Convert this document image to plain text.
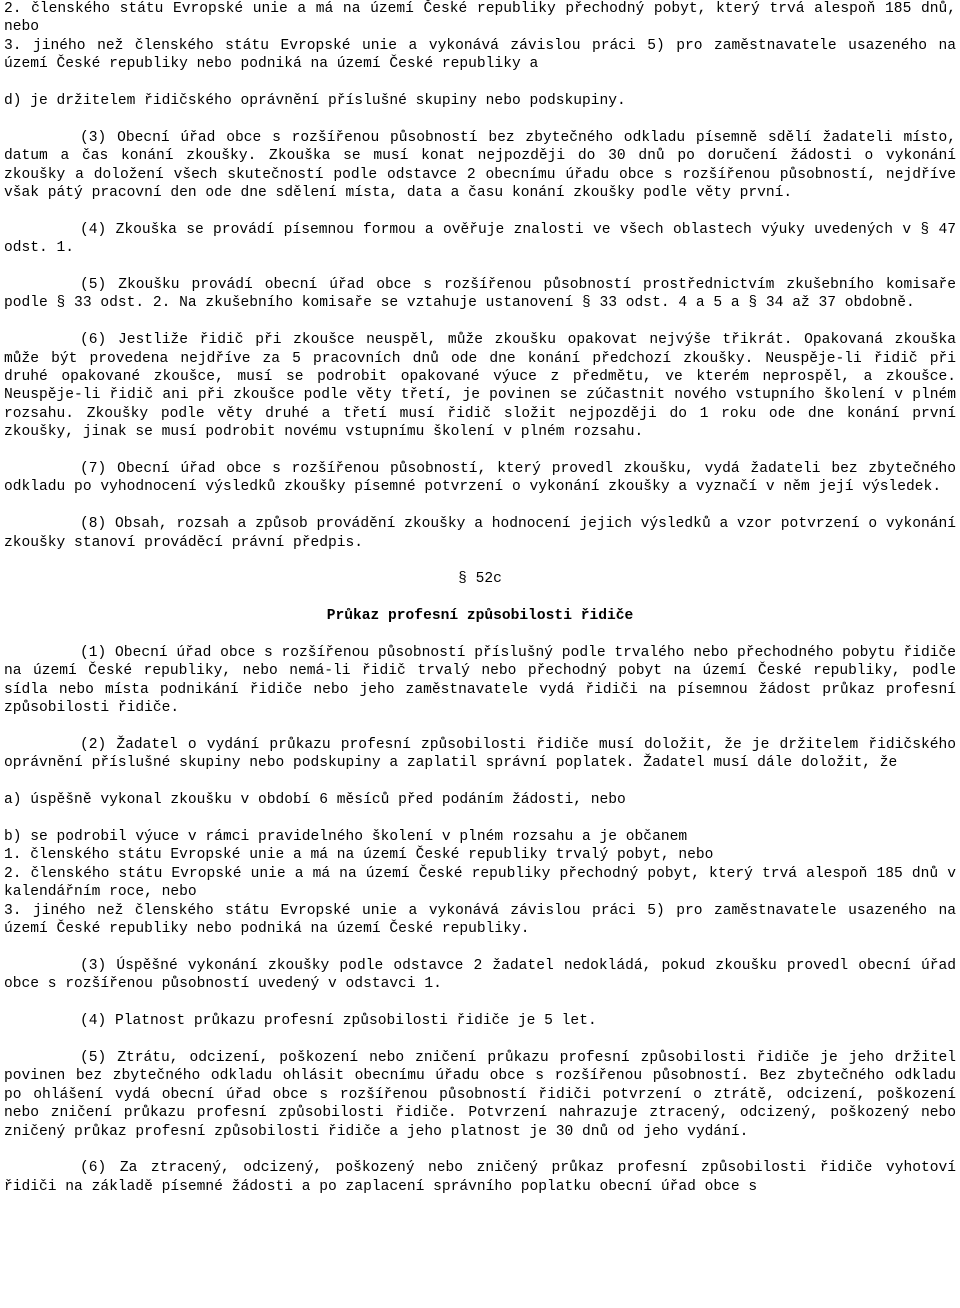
2. členského státu Evropské unie a má na území České republiky přechodný pobyt, který trvá alespoň 185 dnů, nebo
3. jiného než členského státu Evropské unie a vykonává závislou práci 5) pro zaměstnavatele usazeného na území České republiky nebo podniká na území České republiky a
d) je držitelem řidičského oprávnění příslušné skupiny nebo podskupiny.
(3) Obecní úřad obce s rozšířenou působností bez zbytečného odkladu písemně sdělí žadateli místo, datum a čas konání zkoušky. Zkouška se musí konat nejpozději do 30 dnů po doručení žádosti o vykonání zkoušky a doložení všech skutečností podle odstavce 2 obecnímu úřadu obce s rozšířenou působností, nejdříve však pátý pracovní den ode dne sdělení místa, data a času konání zkoušky podle věty první.
(4) Zkouška se provádí písemnou formou a ověřuje znalosti ve všech oblastech výuky uvedených v § 47 odst. 1.
(5) Zkoušku provádí obecní úřad obce s rozšířenou působností prostřednictvím zkušebního komisaře podle § 33 odst. 2. Na zkušebního komisaře se vztahuje ustanovení § 33 odst. 4 a 5 a § 34 až 37 obdobně.
(6) Jestliže řidič při zkoušce neuspěl, může zkoušku opakovat nejvýše třikrát. Opakovaná zkouška může být provedena nejdříve za 5 pracovních dnů ode dne konání předchozí zkoušky. Neuspěje-li řidič při druhé opakované zkoušce, musí se podrobit opakované výuce z předmětu, ve kterém neprospěl, a zkoušce. Neuspěje-li řidič ani při zkoušce podle věty třetí, je povinen se zúčastnit nového vstupního školení v plném rozsahu. Zkoušky podle věty druhé a třetí musí řidič složit nejpozději do 1 roku ode dne konání první zkoušky, jinak se musí podrobit novému vstupnímu školení v plném rozsahu.
(7) Obecní úřad obce s rozšířenou působností, který provedl zkoušku, vydá žadateli bez zbytečného odkladu po vyhodnocení výsledků zkoušky písemné potvrzení o vykonání zkoušky a vyznačí v něm její výsledek.
(8) Obsah, rozsah a způsob provádění zkoušky a hodnocení jejich výsledků a vzor potvrzení o vykonání zkoušky stanoví prováděcí právní předpis.
§ 52c
Průkaz profesní způsobilosti řidiče
(1) Obecní úřad obce s rozšířenou působností příslušný podle trvalého nebo přechodného pobytu řidiče na území České republiky, nebo nemá-li řidič trvalý nebo přechodný pobyt na území České republiky, podle sídla nebo místa podnikání řidiče nebo jeho zaměstnavatele vydá řidiči na písemnou žádost průkaz profesní způsobilosti řidiče.
(2) Žadatel o vydání průkazu profesní způsobilosti řidiče musí doložit, že je držitelem řidičského oprávnění příslušné skupiny nebo podskupiny a zaplatil správní poplatek. Žadatel musí dále doložit, že
a) úspěšně vykonal zkoušku v období 6 měsíců před podáním žádosti, nebo
b) se podrobil výuce v rámci pravidelného školení v plném rozsahu a je občanem
1. členského státu Evropské unie a má na území České republiky trvalý pobyt, nebo
2. členského státu Evropské unie a má na území České republiky přechodný pobyt, který trvá alespoň 185 dnů v kalendářním roce, nebo
3. jiného než členského státu Evropské unie a vykonává závislou práci 5) pro zaměstnavatele usazeného na území České republiky nebo podniká na území České republiky.
(3) Úspěšné vykonání zkoušky podle odstavce 2 žadatel nedokládá, pokud zkoušku provedl obecní úřad obce s rozšířenou působností uvedený v odstavci 1.
(4) Platnost průkazu profesní způsobilosti řidiče je 5 let.
(5) Ztrátu, odcizení, poškození nebo zničení průkazu profesní způsobilosti řidiče je jeho držitel povinen bez zbytečného odkladu ohlásit obecnímu úřadu obce s rozšířenou působností. Bez zbytečného odkladu po ohlášení vydá obecní úřad obce s rozšířenou působností řidiči potvrzení o ztrátě, odcizení, poškození nebo zničení průkazu profesní způsobilosti řidiče. Potvrzení nahrazuje ztracený, odcizený, poškozený nebo zničený průkaz profesní způsobilosti řidiče a jeho platnost je 30 dnů od jeho vydání.
(6) Za ztracený, odcizený, poškozený nebo zničený průkaz profesní způsobilosti řidiče vyhotoví řidiči na základě písemné žádosti a po zaplacení správního poplatku obecní úřad obce s
